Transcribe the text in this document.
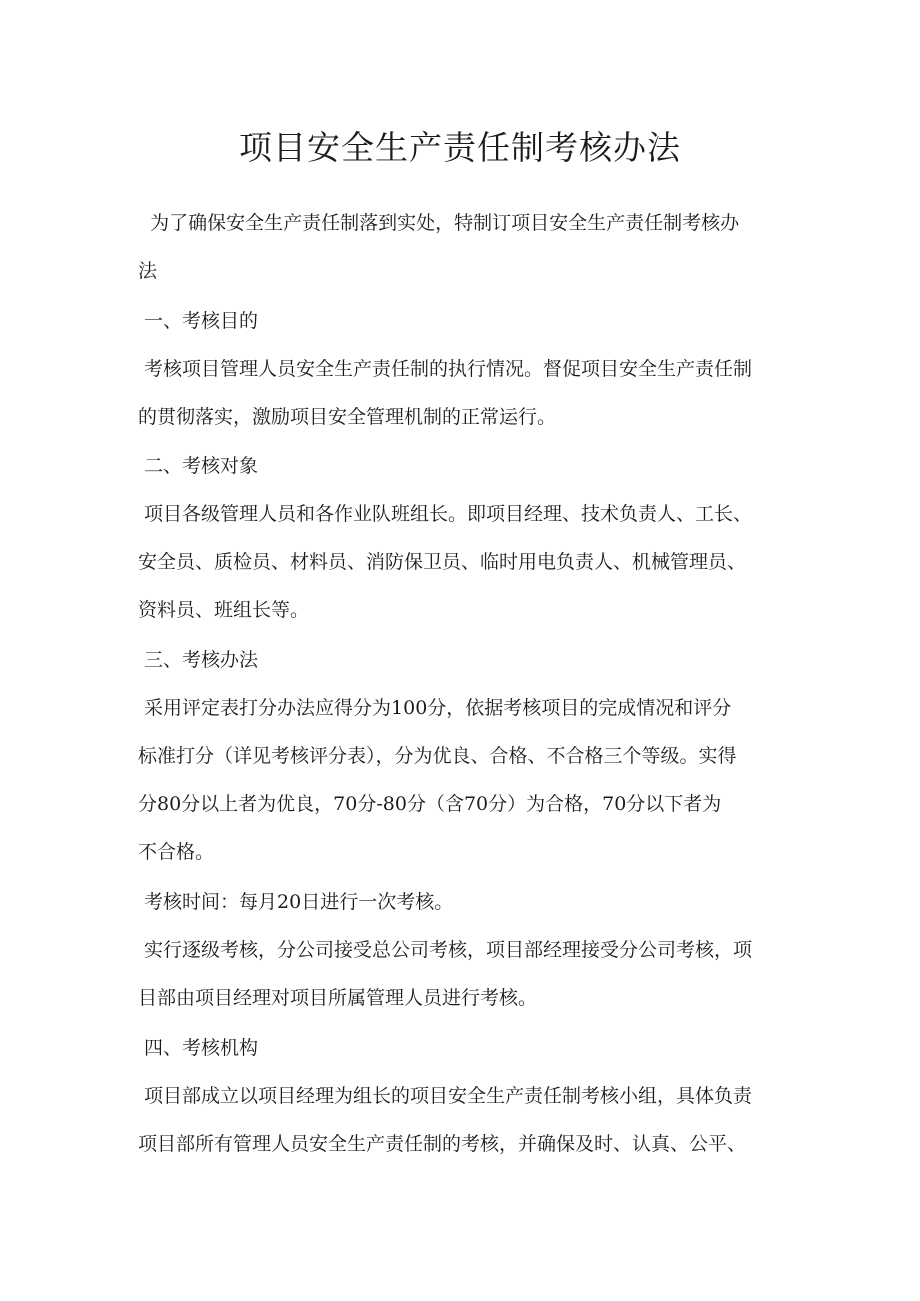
项目安全生产责任制考核办法

为了确保安全生产责任制落到实处，特制订项目安全生产责任制考核办
法

一、考核目的

考核项目管理人员安全生产责任制的执行情况。督促项目安全生产责任制
的贯彻落实，激励项目安全管理机制的正常运行。

二、考核对象

项目各级管理人员和各作业队班组长。即项目经理、技术负责人、工长、
安全员、质检员、材料员、消防保卫员、临时用电负责人、机械管理员、
资料员、班组长等。

三、考核办法

采用评定表打分办法应得分为100分，依据考核项目的完成情况和评分
标准打分（详见考核评分表），分为优良、合格、不合格三个等级。实得
分80分以上者为优良，70分-80分（含70分）为合格，70分以下者为
不合格。

考核时间：每月20日进行一次考核。

实行逐级考核，分公司接受总公司考核，项目部经理接受分公司考核，项
目部由项目经理对项目所属管理人员进行考核。

四、考核机构

项目部成立以项目经理为组长的项目安全生产责任制考核小组，具体负责
项目部所有管理人员安全生产责任制的考核，并确保及时、认真、公平、
